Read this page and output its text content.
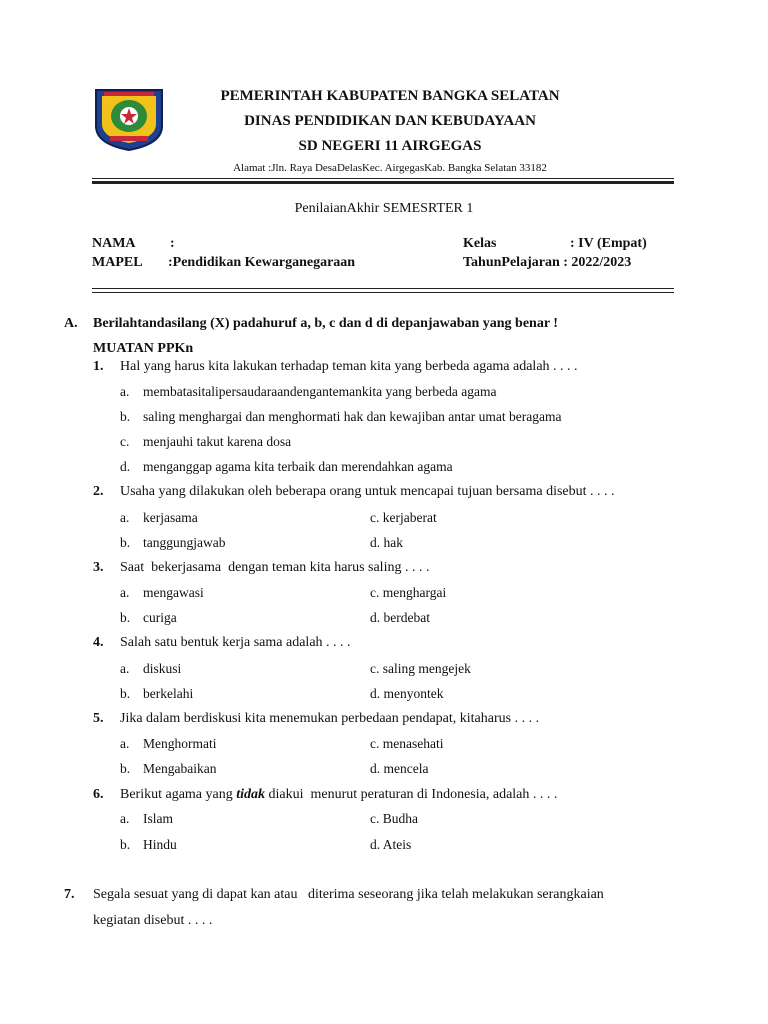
PEMERINTAH KABUPATEN BANGKA SELATAN
DINAS PENDIDIKAN DAN KEBUDAYAAN
SD NEGERI 11 AIRGEGAS
Alamat :Jln. Raya DesaDelasKec. AirgegasKab. Bangka Selatan 33182
PenilaianAkhir SEMESRTER 1
NAMA :
MAPEL :Pendidikan Kewarganegaraan
Kelas	: IV (Empat)
TahunPelajaran : 2022/2023
A. Berilahtandasilang (X) padahuruf a, b, c dan d di depanjawaban yang benar !
MUATAN PPKn
1. Hal yang harus kita lakukan terhadap teman kita yang berbeda agama adalah . . . .
a. membatasitalipersaudaraandengantemankita yang berbeda agama
b. saling menghargai dan menghormati hak dan kewajiban antar umat beragama
c. menjauhi takut karena dosa
d. menganggap agama kita terbaik dan merendahkan agama
2. Usaha yang dilakukan oleh beberapa orang untuk mencapai tujuan bersama disebut . . . .
a. kerjasama
b. tanggungjawab
c. kerjaberat
d. hak
3. Saat  bekerjasama  dengan teman kita harus saling . . . .
a. mengawasi
b. curiga
c. menghargai
d. berdebat
4. Salah satu bentuk kerja sama adalah . . . .
a. diskusi
b. berkelahi
c. saling mengejek
d. menyontek
5. Jika dalam berdiskusi kita menemukan perbedaan pendapat, kitaharus . . . .
a. Menghormati
b. Mengabaikan
c. menasehati
d. mencela
6. Berikut agama yang tidak diakui  menurut peraturan di Indonesia, adalah . . . .
a. Islam
b. Hindu
c. Budha
d. Ateis
7. Segala sesuat yang di dapat kan atau   diterima seseorang jika telah melakukan serangkaian
kegiatan disebut . . . .
